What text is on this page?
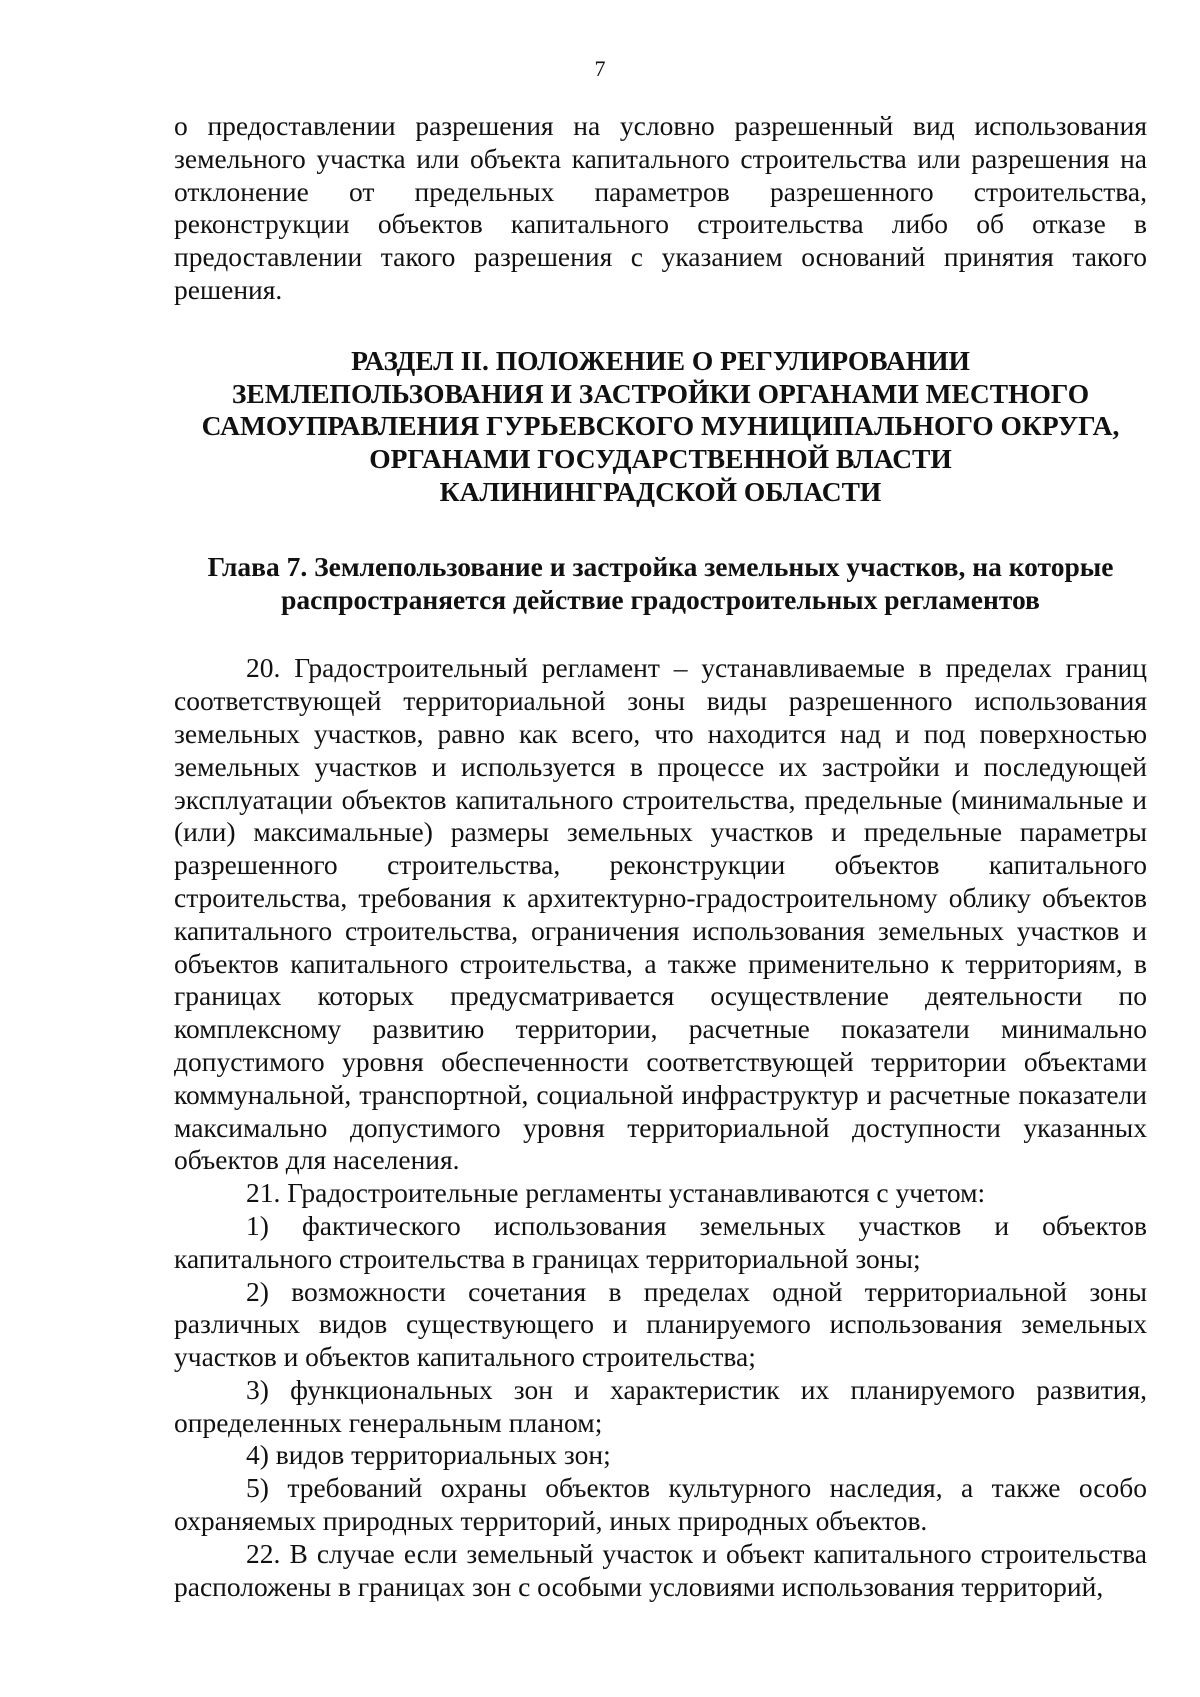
7

о предоставлении разрешения на условно разрешенный вид использования земельного участка или объекта капитального строительства или разрешения на отклонение от предельных параметров разрешенного строительства, реконструкции объектов капитального строительства либо об отказе в предоставлении такого разрешения с указанием оснований принятия такого решения.

РАЗДЕЛ II. ПОЛОЖЕНИЕ О РЕГУЛИРОВАНИИ
ЗЕМЛЕПОЛЬЗОВАНИЯ И ЗАСТРОЙКИ ОРГАНАМИ МЕСТНОГО
САМОУПРАВЛЕНИЯ ГУРЬЕВСКОГО МУНИЦИПАЛЬНОГО ОКРУГА,
ОРГАНАМИ ГОСУДАРСТВЕННОЙ ВЛАСТИ
КАЛИНИНГРАДСКОЙ ОБЛАСТИ
Глава 7. Землепользование и застройка земельных участков, на которые
распространяется действие градостроительных регламентов

20. Градостроительный регламент – устанавливаемые в пределах границ соответствующей территориальной зоны виды разрешенного использования земельных участков, равно как всего, что находится над и под поверхностью земельных участков и используется в процессе их застройки и последующей эксплуатации объектов капитального строительства, предельные (минимальные и (или) максимальные) размеры земельных участков и предельные параметры разрешенного строительства, реконструкции объектов капитального строительства, требования к архитектурно-градостроительному облику объектов капитального строительства, ограничения использования земельных участков и объектов капитального строительства, а также применительно к территориям, в границах которых предусматривается осуществление деятельности по комплексному развитию территории, расчетные показатели минимально допустимого уровня обеспеченности соответствующей территории объектами коммунальной, транспортной, социальной инфраструктур и расчетные показатели максимально допустимого уровня территориальной доступности указанных объектов для населения.

21. Градостроительные регламенты устанавливаются с учетом:

1) фактического использования земельных участков и объектов капитального строительства в границах территориальной зоны;

2) возможности сочетания в пределах одной территориальной зоны различных видов существующего и планируемого использования земельных участков и объектов капитального строительства;

3) функциональных зон и характеристик их планируемого развития, определенных генеральным планом;

4) видов территориальных зон;

5) требований охраны объектов культурного наследия, а также особо охраняемых природных территорий, иных природных объектов.

22. В случае если земельный участок и объект капитального строительства расположены в границах зон с особыми условиями использования территорий,
